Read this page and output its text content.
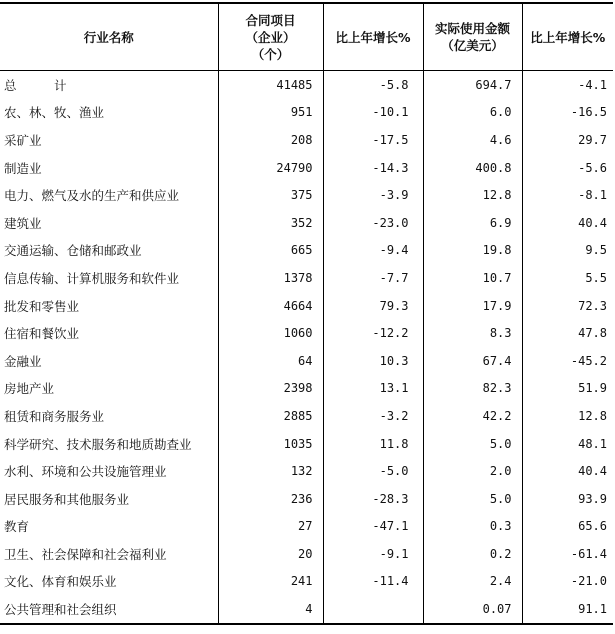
行业名称	合同项目
（企业）
（个）	比上年增长%	实际使用金额
（亿美元）	比上年增长%
总　　　计	41485	-5.8	694.7	-4.1
农、林、牧、渔业	951	-10.1	6.0	-16.5
采矿业	208	-17.5	4.6	29.7
制造业	24790	-14.3	400.8	-5.6
电力、燃气及水的生产和供应业	375	-3.9	12.8	-8.1
建筑业	352	-23.0	6.9	40.4
交通运输、仓储和邮政业	665	-9.4	19.8	9.5
信息传输、计算机服务和软件业	1378	-7.7	10.7	5.5
批发和零售业	4664	79.3	17.9	72.3
住宿和餐饮业	1060	-12.2	8.3	47.8
金融业	64	10.3	67.4	-45.2
房地产业	2398	13.1	82.3	51.9
租赁和商务服务业	2885	-3.2	42.2	12.8
科学研究、技术服务和地质勘查业	1035	11.8	5.0	48.1
水利、环境和公共设施管理业	132	-5.0	2.0	40.4
居民服务和其他服务业	236	-28.3	5.0	93.9
教育	27	-47.1	0.3	65.6
卫生、社会保障和社会福利业	20	-9.1	0.2	-61.4
文化、体育和娱乐业	241	-11.4	2.4	-21.0
公共管理和社会组织	4		0.07	91.1
